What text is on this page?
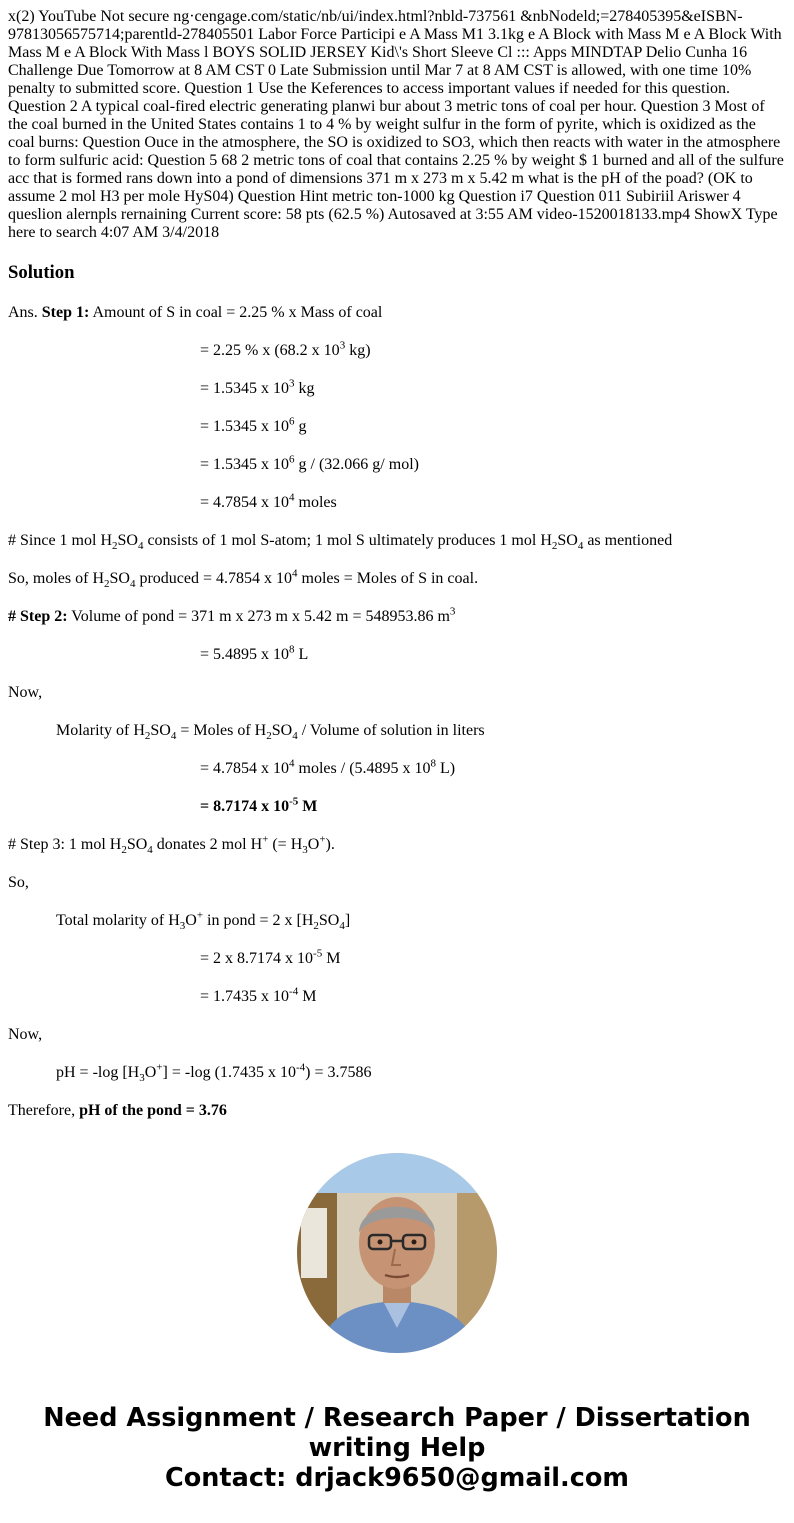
x(2) YouTube Not secure ng·cengage.com/static/nb/ui/index.html?nbld-737561 &nbNodeld;=278405395&eISBN-97813056575714;parentld-278405501 Labor Force Participi e A Mass M1 3.1kg e A Block with Mass M e A Block With Mass M e A Block With Mass l BOYS SOLID JERSEY Kid\'s Short Sleeve Cl ::: Apps MINDTAP Delio Cunha 16 Challenge Due Tomorrow at 8 AM CST 0 Late Submission until Mar 7 at 8 AM CST is allowed, with one time 10% penalty to submitted score. Question 1 Use the Keferences to access important values if needed for this question. Question 2 A typical coal-fired electric generating planwi bur about 3 metric tons of coal per hour. Question 3 Most of the coal burned in the United States contains 1 to 4 % by weight sulfur in the form of pyrite, which is oxidized as the coal burns: Question Ouce in the atmosphere, the SO is oxidized to SO3, which then reacts with water in the atmosphere to form sulfuric acid: Question 5 68 2 metric tons of coal that contains 2.25 % by weight $ 1 burned and all of the sulfure acc that is formed rans down into a pond of dimensions 371 m x 273 m x 5.42 m what is the pH of the poad? (OK to assume 2 mol H3 per mole HyS04) Question Hint metric ton-1000 kg Question i7 Question 011 Subiriil Ariswer 4 queslion alernpls rernaining Current score: 58 pts (62.5 %) Autosaved at 3:55 AM video-1520018133.mp4 ShowX Type here to search 4:07 AM 3/4/2018
Solution

Ans. Step 1: Amount of S in coal = 2.25 % x Mass of coal

= 2.25 % x (68.2 x $10^3$ kg)

= 1.5345 x $10^3$ kg

= 1.5345 x $10^6$ g

= 1.5345 x $10^6$ g / (32.066 g/ mol)

= 4.7854 x $10^4$ moles

# Since 1 mol $H_2SO_4$ consists of 1 mol S-atom; 1 mol S ultimately produces 1 mol $H_2SO_4$ as mentioned

So, moles of $H_2SO_4$ produced = 4.7854 x $10^4$ moles = Moles of S in coal.

# Step 2: Volume of pond = 371 m x 273 m x 5.42 m = 548953.86 $m^3$

= 5.4895 x $10^8$ L

Now,

Molarity of $H_2SO_4$ = Moles of $H_2SO_4$ / Volume of solution in liters

= 4.7854 x $10^4$ moles / (5.4895 x $10^8$ L)

= 8.7174 x $10^{-5}$ M

# Step 3: 1 mol $H_2SO_4$ donates 2 mol H+ (= $H_3O^+$).

So,

Total molarity of $H_3O^+$ in pond = 2 x $[H_2SO_4]$

= 2 x 8.7174 x $10^{-5}$ M

= 1.7435 x $10^{-4}$ M

Now,

pH = -log $[H_3O^+] = -\log$ (1.7435 x $10^{-4}) = 3.7586$

Therefore, pH of the pond = 3.76

Need Assignment / Research Paper / Dissertation
writing Help
Contact: drjack9650@gmail.com
